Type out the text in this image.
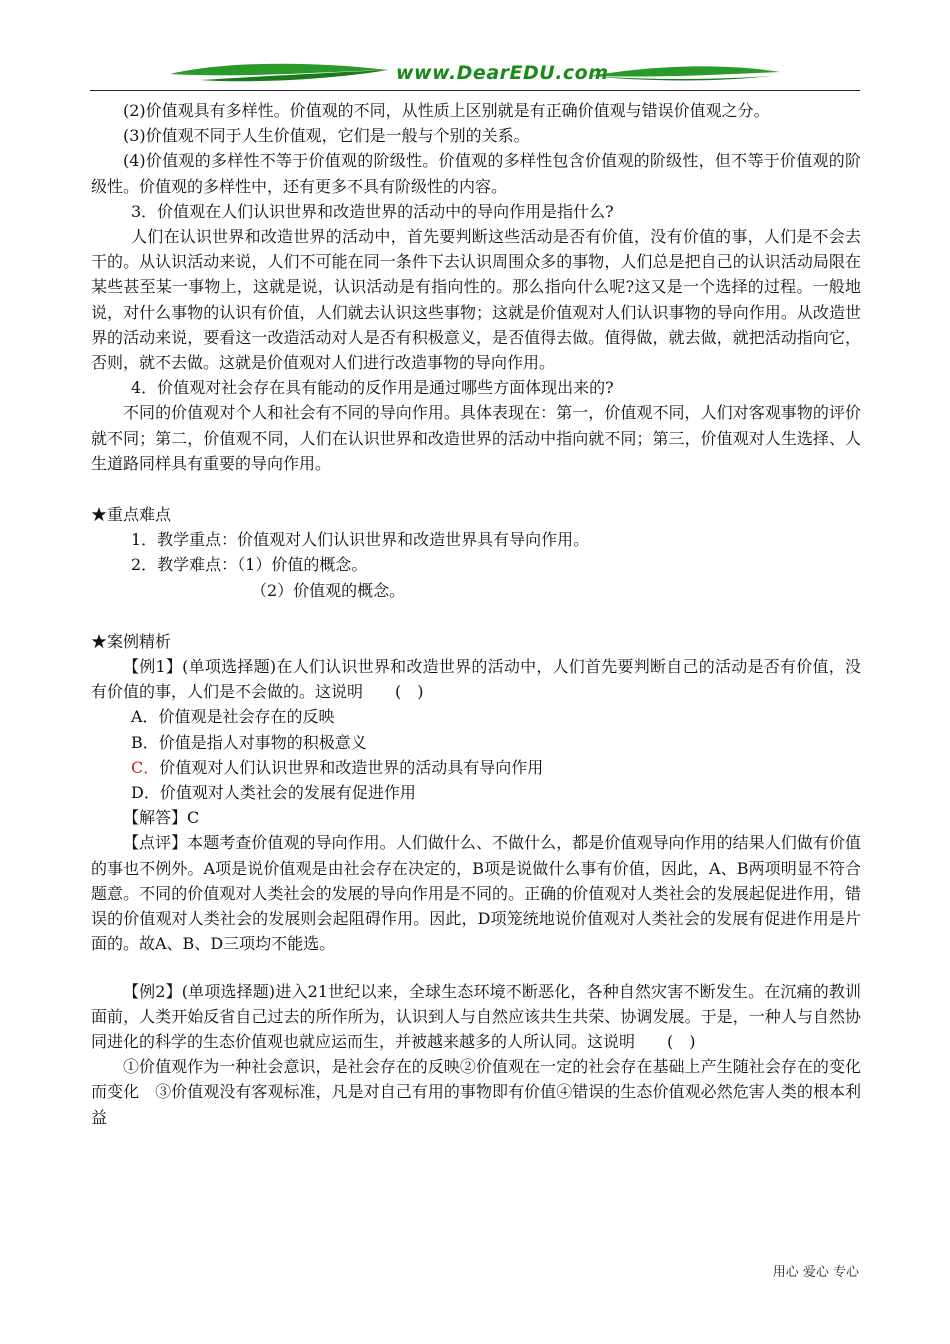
www.DearEDU.com

(2)价值观具有多样性。价值观的不同，从性质上区别就是有正确价值观与错误价值观之分。

(3)价值观不同于人生价值观，它们是一般与个别的关系。

(4)价值观的多样性不等于价值观的阶级性。价值观的多样性包含价值观的阶级性，但不等于价值观的阶级性。价值观的多样性中，还有更多不具有阶级性的内容。

3．价值观在人们认识世界和改造世界的活动中的导向作用是指什么?

人们在认识世界和改造世界的活动中，首先要判断这些活动是否有价值，没有价值的事，人们是不会去干的。从认识活动来说，人们不可能在同一条件下去认识周围众多的事物，人们总是把自己的认识活动局限在某些甚至某一事物上，这就是说，认识活动是有指向性的。那么指向什么呢?这又是一个选择的过程。一般地说，对什么事物的认识有价值，人们就去认识这些事物；这就是价值观对人们认识事物的导向作用。从改造世界的活动来说，要看这一改造活动对人是否有积极意义，是否值得去做。值得做，就去做，就把活动指向它，否则，就不去做。这就是价值观对人们进行改造事物的导向作用。

4．价值观对社会存在具有能动的反作用是通过哪些方面体现出来的?

不同的价值观对个人和社会有不同的导向作用。具体表现在：第一，价值观不同，人们对客观事物的评价就不同；第二，价值观不同，人们在认识世界和改造世界的活动中指向就不同；第三，价值观对人生选择、人生道路同样具有重要的导向作用。

★重点难点

1．教学重点：价值观对人们认识世界和改造世界具有导向作用。

2．教学难点：（1）价值的概念。

（2）价值观的概念。

★案例精析

【例1】(单项选择题)在人们认识世界和改造世界的活动中，人们首先要判断自己的活动是否有价值，没有价值的事，人们是不会做的。这说明　　(　)

A．价值观是社会存在的反映

B．价值是指人对事物的积极意义

C．价值观对人们认识世界和改造世界的活动具有导向作用

D．价值观对人类社会的发展有促进作用

【解答】C

【点评】本题考查价值观的导向作用。人们做什么、不做什么，都是价值观导向作用的结果人们做有价值的事也不例外。A项是说价值观是由社会存在决定的，B项是说做什么事有价值，因此，A、B两项明显不符合题意。不同的价值观对人类社会的发展的导向作用是不同的。正确的价值观对人类社会的发展起促进作用，错误的价值观对人类社会的发展则会起阻碍作用。因此，D项笼统地说价值观对人类社会的发展有促进作用是片面的。故A、B、D三项均不能选。

【例2】(单项选择题)进入21世纪以来，全球生态环境不断恶化，各种自然灾害不断发生。在沉痛的教训面前，人类开始反省自己过去的所作所为，认识到人与自然应该共生共荣、协调发展。于是，一种人与自然协同进化的科学的生态价值观也就应运而生，并被越来越多的人所认同。这说明　　(　)

①价值观作为一种社会意识，是社会存在的反映②价值观在一定的社会存在基础上产生随社会存在的变化而变化　③价值观没有客观标准，凡是对自己有用的事物即有价值④错误的生态价值观必然危害人类的根本利益

用心 爱心 专心
